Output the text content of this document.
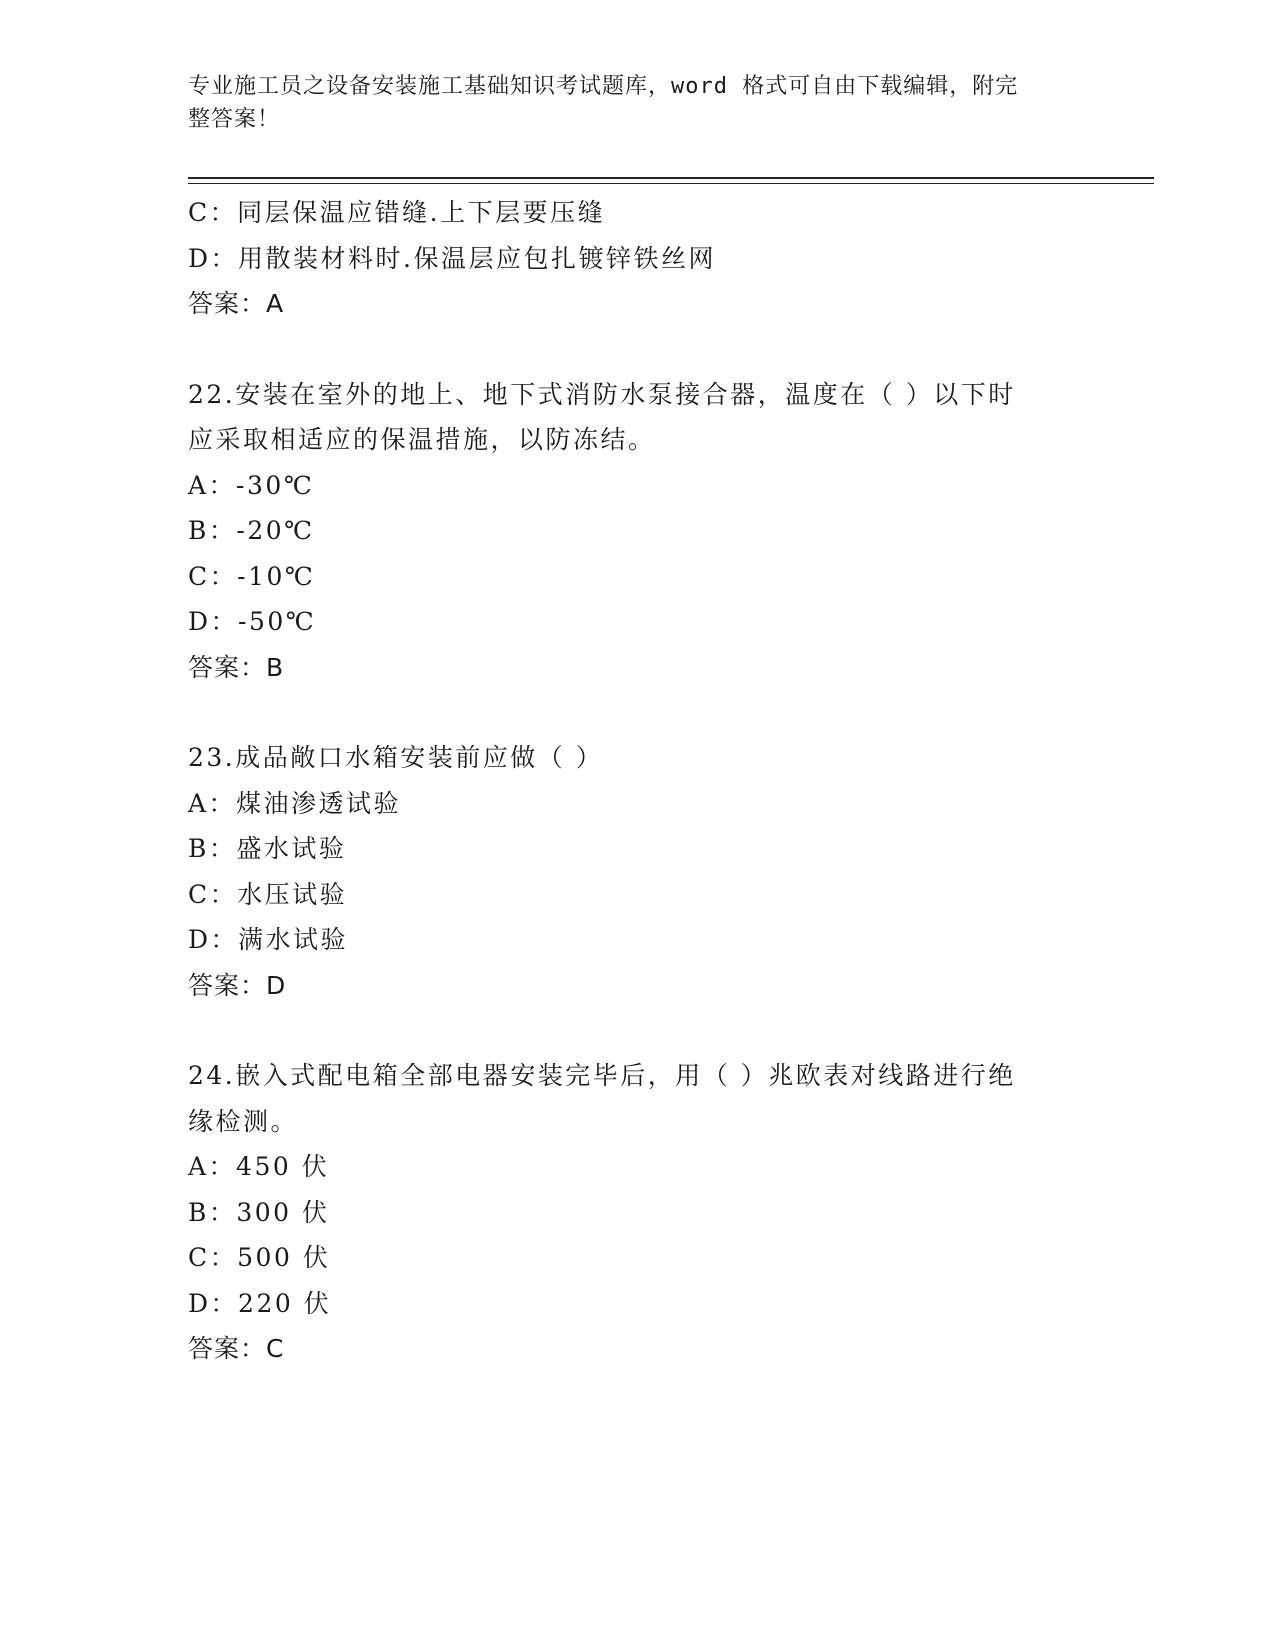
专业施工员之设备安装施工基础知识考试题库，word 格式可自由下载编辑，附完
整答案！
C：同层保温应错缝.上下层要压缝
D：用散装材料时.保温层应包扎镀锌铁丝网
答案：A
22.安装在室外的地上、地下式消防水泵接合器，温度在（ ）以下时
应采取相适应的保温措施，以防冻结。
A：-30℃
B：-20℃
C：-10℃
D：-50℃
答案：B
23.成品敞口水箱安装前应做（ ）
A：煤油渗透试验
B：盛水试验
C：水压试验
D：满水试验
答案：D
24.嵌入式配电箱全部电器安装完毕后，用（ ）兆欧表对线路进行绝
缘检测。
A：450 伏
B：300 伏
C：500 伏
D：220 伏
答案：C
